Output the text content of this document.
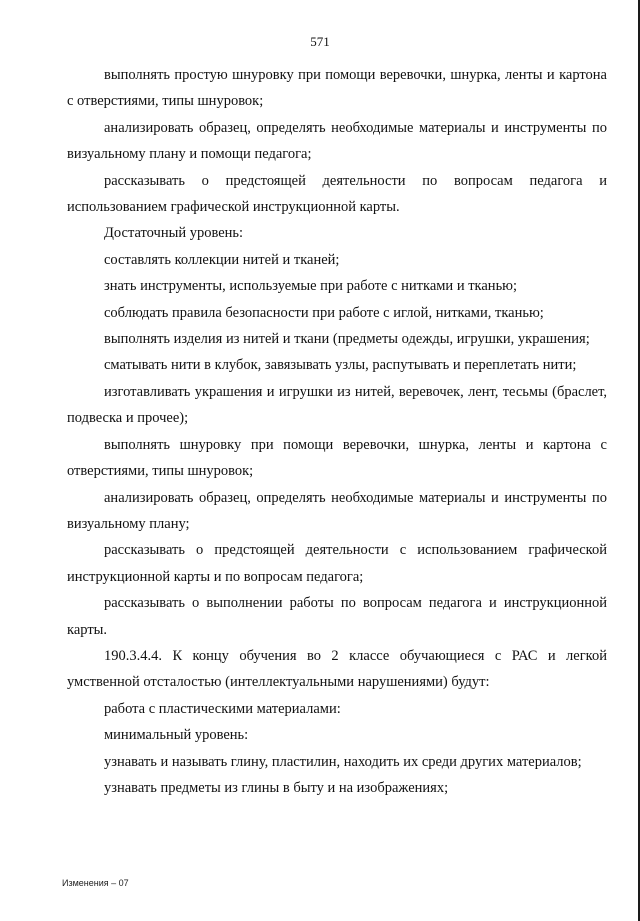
571

выполнять простую шнуровку при помощи веревочки, шнурка, ленты и картона с отверстиями, типы шнуровок;

анализировать образец, определять необходимые материалы и инструменты по визуальному плану и помощи педагога;

рассказывать о предстоящей деятельности по вопросам педагога и использованием графической инструкционной карты.

Достаточный уровень:

составлять коллекции нитей и тканей;

знать инструменты, используемые при работе с нитками и тканью;

соблюдать правила безопасности при работе с иглой, нитками, тканью;

выполнять изделия из нитей и ткани (предметы одежды, игрушки, украшения;

сматывать нити в клубок, завязывать узлы, распутывать и переплетать нити;

изготавливать украшения и игрушки из нитей, веревочек, лент, тесьмы (браслет, подвеска и прочее);

выполнять шнуровку при помощи веревочки, шнурка, ленты и картона с отверстиями, типы шнуровок;

анализировать образец, определять необходимые материалы и инструменты по визуальному плану;

рассказывать о предстоящей деятельности с использованием графической инструкционной карты и по вопросам педагога;

рассказывать о выполнении работы по вопросам педагога и инструкционной карты.

190.3.4.4. К концу обучения во 2 классе обучающиеся с РАС и легкой умственной отсталостью (интеллектуальными нарушениями) будут:

работа с пластическими материалами:

минимальный уровень:

узнавать и называть глину, пластилин, находить их среди других материалов;

узнавать предметы из глины в быту и на изображениях;

Изменения – 07
